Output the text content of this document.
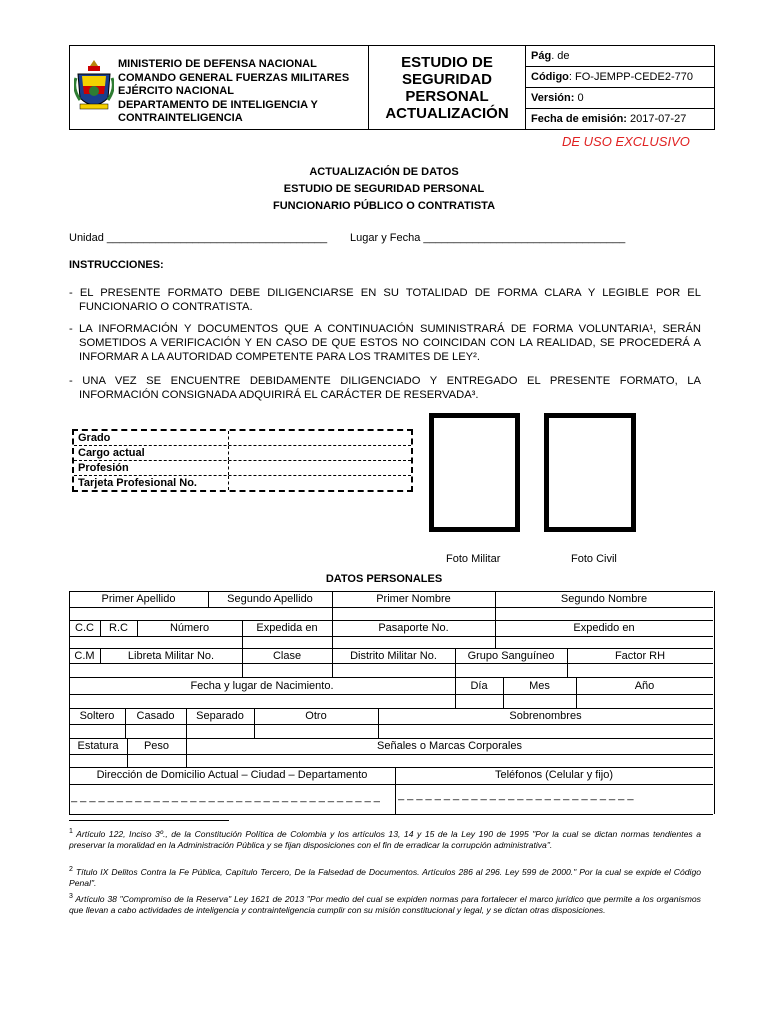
MINISTERIO DE DEFENSA NACIONAL
COMANDO GENERAL FUERZAS MILITARES
EJÉRCITO NACIONAL
DEPARTAMENTO DE INTELIGENCIA Y
CONTRAINTELIGENCIA
ESTUDIO DE
SEGURIDAD
PERSONAL
ACTUALIZACIÓN
Pág. de
Código: FO-JEMPP-CEDE2-770
Versión: 0
Fecha de emisión: 2017-07-27
DE USO EXCLUSIVO
ACTUALIZACIÓN DE DATOS
ESTUDIO DE SEGURIDAD PERSONAL
FUNCIONARIO PÚBLICO O CONTRATISTA
Unidad ____________________________________ Lugar y Fecha _________________________________
INSTRUCCIONES:
- EL PRESENTE FORMATO DEBE DILIGENCIARSE EN SU TOTALIDAD DE FORMA CLARA Y LEGIBLE POR EL FUNCIONARIO O CONTRATISTA.
- LA INFORMACIÓN Y DOCUMENTOS QUE A CONTINUACIÓN SUMINISTRARÁ DE FORMA VOLUNTARIA¹, SERÁN SOMETIDOS A VERIFICACIÓN Y EN CASO DE QUE ESTOS NO COINCIDAN CON LA REALIDAD, SE PROCEDERÁ A INFORMAR A LA AUTORIDAD COMPETENTE PARA LOS TRAMITES DE LEY².
- UNA VEZ SE ENCUENTRE DEBIDAMENTE DILIGENCIADO Y ENTREGADO EL PRESENTE FORMATO, LA INFORMACIÓN CONSIGNADA ADQUIRIRÁ EL CARÁCTER DE RESERVADA³.
Grado
Cargo actual
Profesión
Tarjeta Profesional No.
Foto Militar	Foto Civil
DATOS PERSONALES
Primer Apellido	Segundo Apellido	Primer Nombre	Segundo Nombre
C.C	R.C	Número	Expedida en	Pasaporte No.	Expedido en
C.M	Libreta Militar No.	Clase	Distrito Militar No.	Grupo Sanguíneo	Factor RH
Fecha y lugar de Nacimiento.	Día	Mes	Año
Soltero	Casado	Separado	Otro	Sobrenombres
Estatura	Peso	Señales o Marcas Corporales
Dirección de Domicilio Actual – Ciudad – Departamento	Teléfonos (Celular y fijo)
_ _ _ _ _ _ _ _ _ _ _ _ _ _ _ _ _ _ _ _ _ _ _ _ _ _ _ _ _ _ _ _ _ _	_ _ _ _ _ _ _ _ _ _ _ _ _ _ _ _ _ _ _ _ _ _ _ _ _ _
$^1$ Artículo 122, Inciso 3º., de la Constitución Política de Colombia y los artículos 13, 14 y 15 de la Ley 190 de 1995 "Por la cual se dictan normas tendientes a preservar la moralidad en la Administración Pública y se fijan disposiciones con el fin de erradicar la corrupción administrativa".
$^2$ Título IX Delitos Contra la Fe Pública, Capítulo Tercero, De la Falsedad de Documentos. Artículos 286 al 296. Ley 599 de 2000." Por la cual se expide el Código Penal".
$^3$ Artículo 38 "Compromiso de la Reserva" Ley 1621 de 2013 "Por medio del cual se expiden normas para fortalecer el marco jurídico que permite a los organismos que llevan a cabo actividades de inteligencia y contrainteligencia cumplir con su misión constitucional y legal, y se dictan otras disposiciones.
